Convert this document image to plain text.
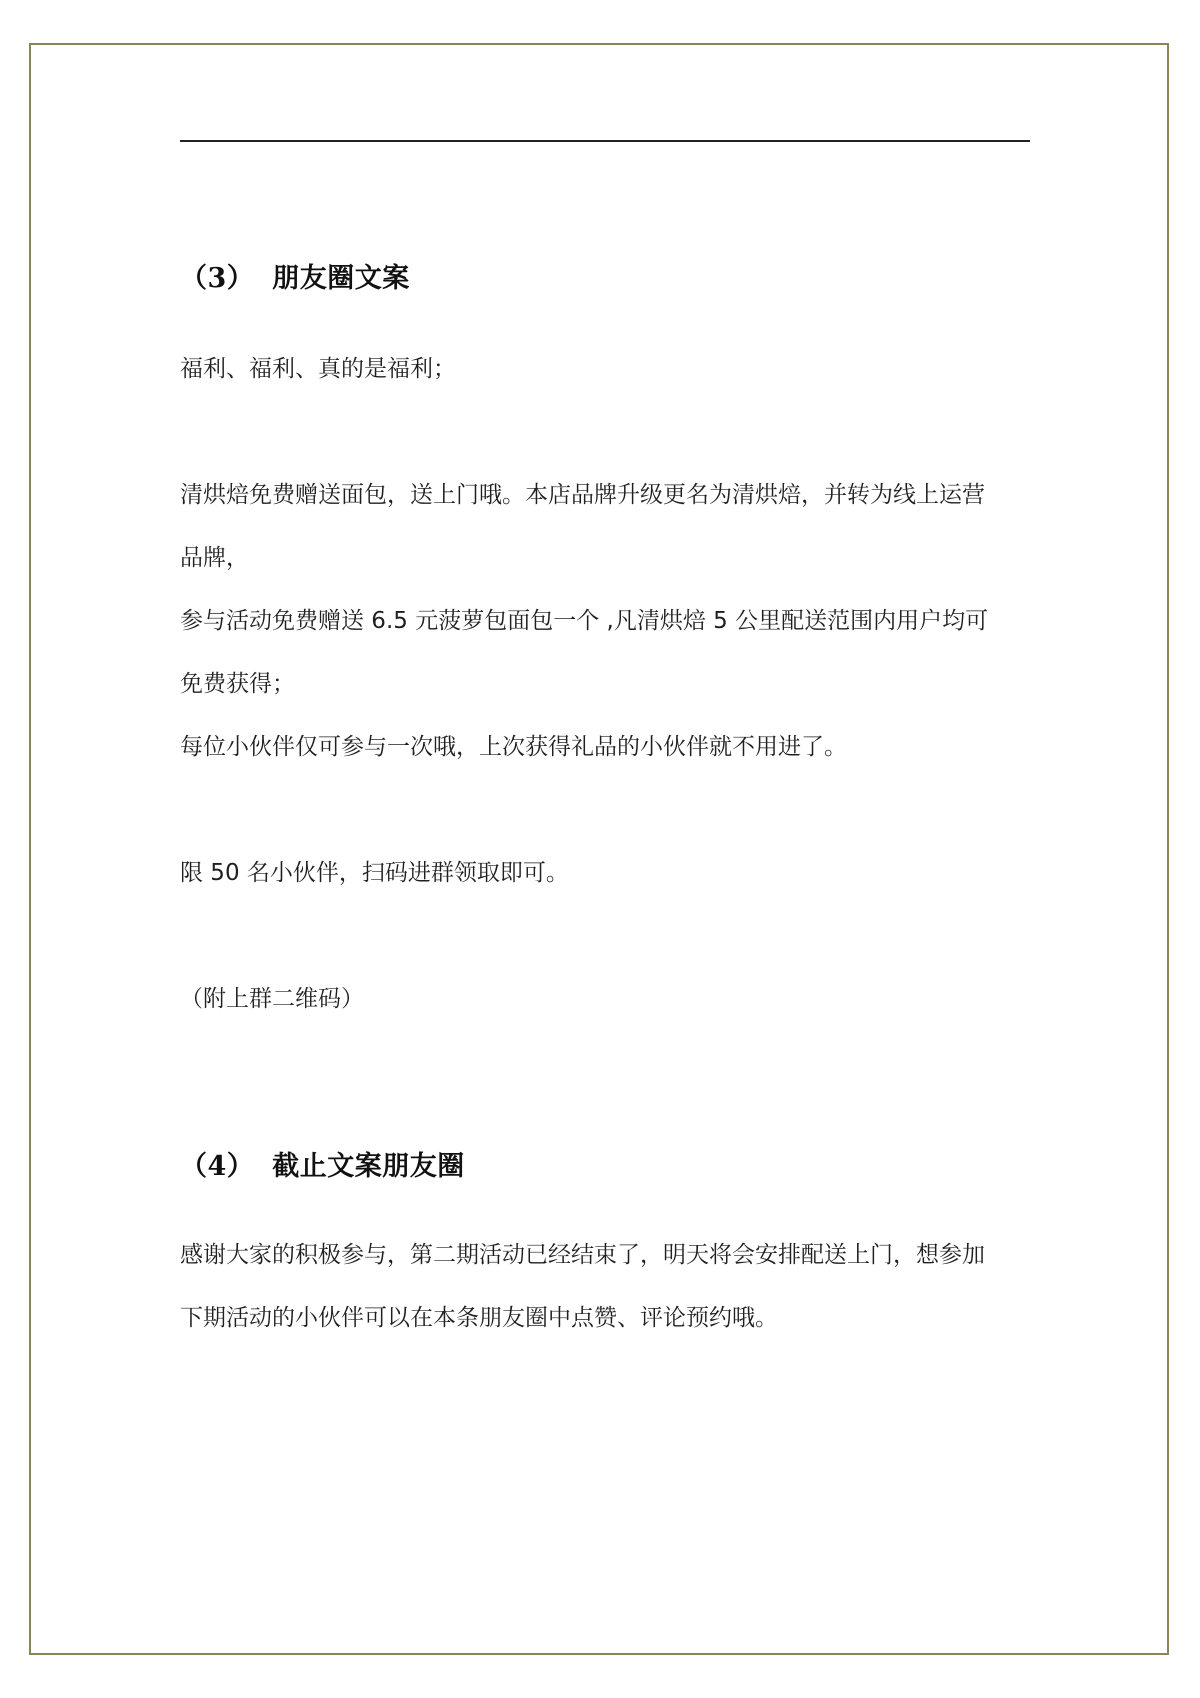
（3） 朋友圈文案
福利、福利、真的是福利；
清烘焙免费赠送面包，送上门哦。本店品牌升级更名为清烘焙，并转为线上运营
品牌，
参与活动免费赠送 6.5 元菠萝包面包一个 ,凡清烘焙 5 公里配送范围内用户均可
免费获得；
每位小伙伴仅可参与一次哦，上次获得礼品的小伙伴就不用进了。
限 50 名小伙伴，扫码进群领取即可。
（附上群二维码）
（4） 截止文案朋友圈
感谢大家的积极参与，第二期活动已经结束了，明天将会安排配送上门，想参加
下期活动的小伙伴可以在本条朋友圈中点赞、评论预约哦。
